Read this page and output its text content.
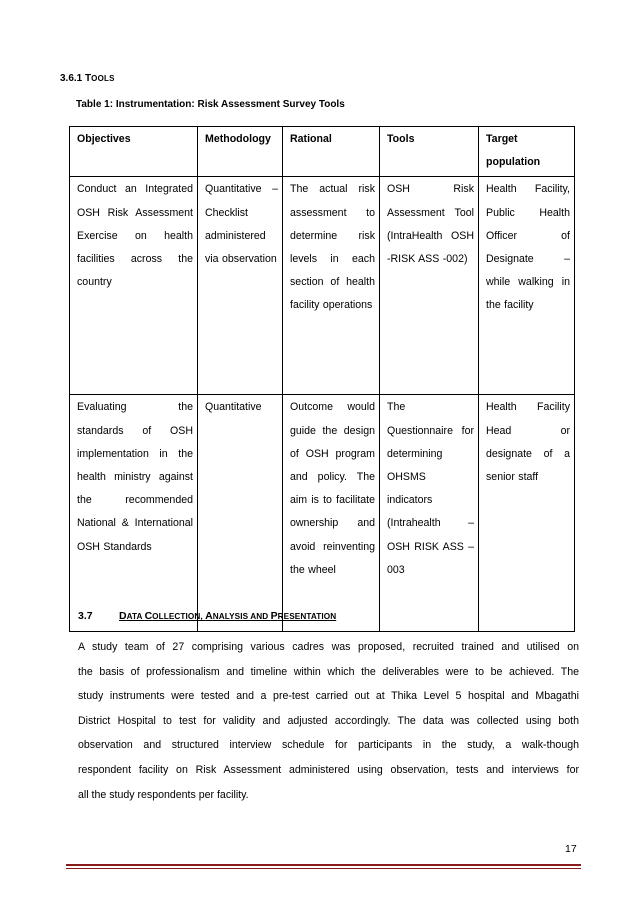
3.6.1 TOOLS
Table 1: Instrumentation: Risk Assessment Survey Tools
Objectives	Methodology	Rational	Tools	Target population
Conduct an Integrated OSH Risk Assessment Exercise on health facilities across the country	Quantitative – Checklist administered via observation	The actual risk assessment to determine risk levels in each section of health facility operations	OSH Risk Assessment Tool (IntraHealth OSH -RISK ASS -002)	Health Facility, Public Health Officer of Designate – while walking in the facility
Evaluating the standards of OSH implementation in the health ministry against the recommended National & International OSH Standards	Quantitative	Outcome would guide the design of OSH program and policy. The aim is to facilitate ownership and avoid reinventing the wheel	The Questionnaire for determining OHSMS indicators (Intrahealth – OSH RISK ASS – 003	Health Facility Head or designate of a senior staff
3.7	DATA COLLECTION, ANALYSIS AND PRESENTATION

A study team of 27 comprising various cadres was proposed, recruited trained and utilised on
the basis of professionalism and timeline within which the deliverables were to be achieved. The
study instruments were tested and a pre-test carried out at Thika Level 5 hospital and Mbagathi
District Hospital to test for validity and adjusted accordingly. The data was collected using both
observation and structured interview schedule for participants in the study, a walk-though
respondent facility on Risk Assessment administered using observation, tests and interviews for
all the study respondents per facility.

17
